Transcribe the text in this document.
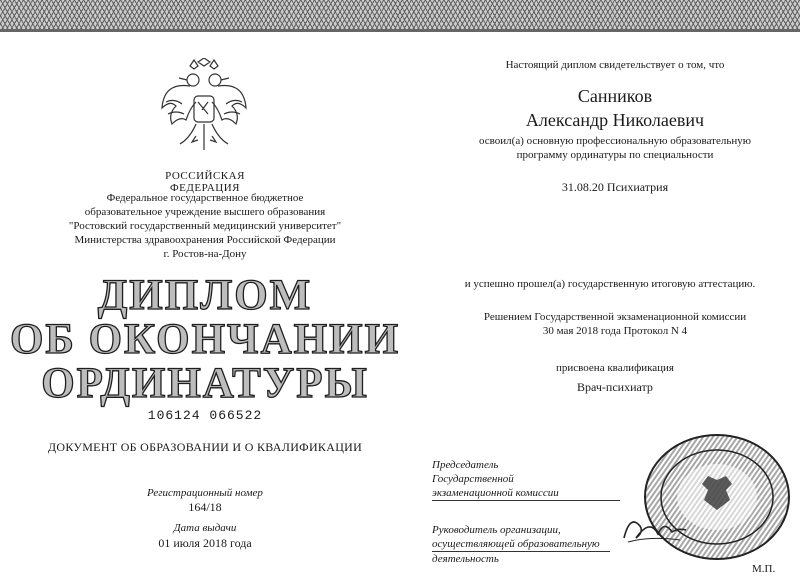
РОССИЙСКАЯ ФЕДЕРАЦИЯ
Федеральное государственное бюджетное
образовательное учреждение высшего образования
"Ростовский государственный медицинский университет"
Министерства здравоохранения Российской Федерации
г. Ростов-на-Дону
ДИПЛОМ
ОБ ОКОНЧАНИИ
ОРДИНАТУРЫ
106124 066522
ДОКУМЕНТ ОБ ОБРАЗОВАНИИ И О КВАЛИФИКАЦИИ
Регистрационный номер
164/18
Дата выдачи
01 июля 2018 года
Настоящий диплом свидетельствует о том, что
Санников
Александр Николаевич
освоил(а) основную профессиональную образовательную
программу ординатуры по специальности
31.08.20 Психиатрия
и успешно прошел(а) государственную итоговую аттестацию.
Решением Государственной экзаменационной комиссии
30 мая 2018 года Протокол N 4
присвоена квалификация
Врач-психиатр
Председатель
Государственной
экзаменационной комиссии
Руководитель организации,
осуществляющей образовательную
деятельность
М.П.
